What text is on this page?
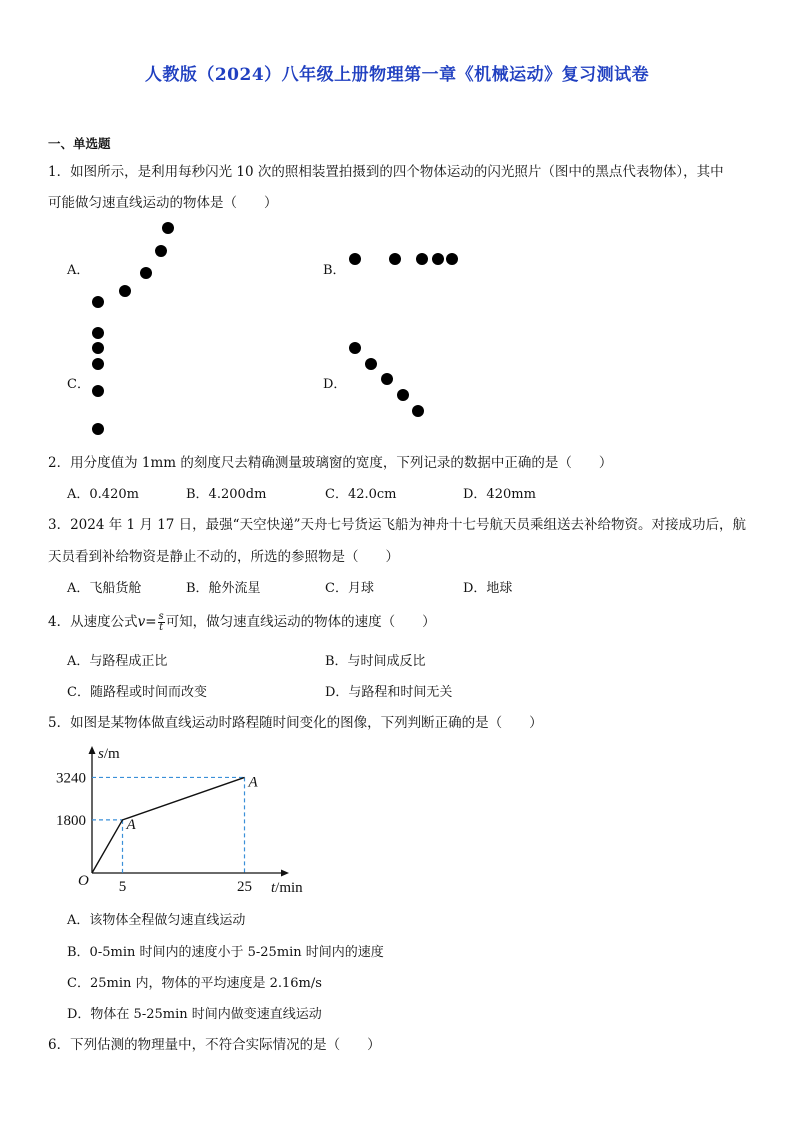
人教版（2024）八年级上册物理第一章《机械运动》复习测试卷
一、单选题
1．如图所示，是利用每秒闪光 10 次的照相装置拍摄到的四个物体运动的闪光照片（图中的黑点代表物体），其中
可能做匀速直线运动的物体是（　　）
A．	B．
C．	D．
2．用分度值为 1mm 的刻度尺去精确测量玻璃窗的宽度，下列记录的数据中正确的是（　　）
A．0.420m	B．4.200dm	C．42.0cm	D．420mm
3．2024 年 1 月 17 日，最强“天空快递”天舟七号货运飞船为神舟十七号航天员乘组送去补给物资。对接成功后，航
天员看到补给物资是静止不动的，所选的参照物是（　　）
A．飞船货舱	B．舱外流星	C．月球	D．地球
4．从速度公式$v= \frac{s}{t}$ 可知，做匀速直线运动的物体的速度（　　）
A．与路程成正比	B．与时间成反比
C．随路程或时间而改变	D．与路程和时间无关
5．如图是某物体做直线运动时路程随时间变化的图像，下列判断正确的是（　　）
A
A
5	25
1800
3240
O	t/min
s/m
A．该物体全程做匀速直线运动
B．0-5min 时间内的速度小于 5-25min 时间内的速度
C．25min 内，物体的平均速度是 2.16m/s
D．物体在 5-25min 时间内做变速直线运动
6．下列估测的物理量中，不符合实际情况的是（　　）
